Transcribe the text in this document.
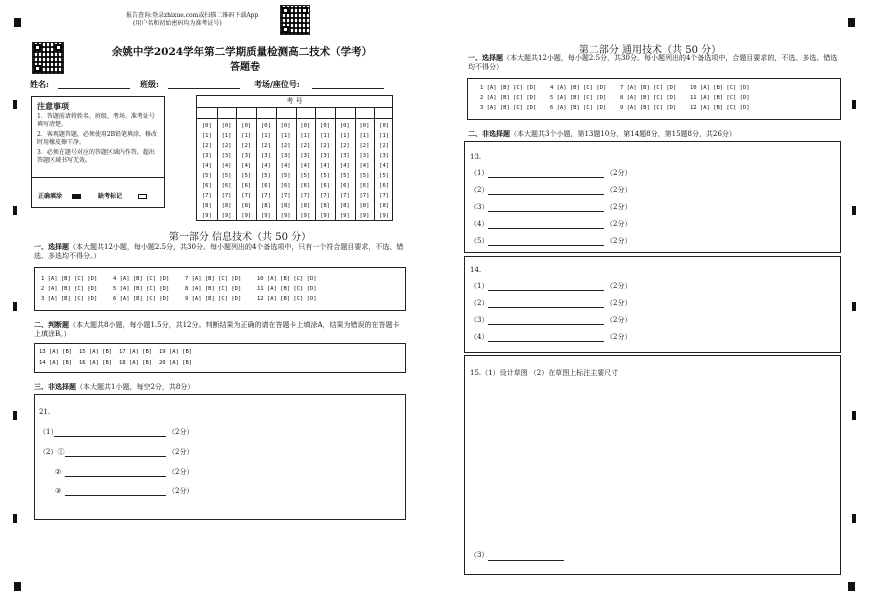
报告查询:登录zhixue.com或扫描二维码下载App
(用户名和初始密码均为准考证号)
余姚中学2024学年第二学期质量检测高二技术（学考）
答题卷
姓名:	班级:	考场/座位号:
注意事项
1．答题前请将姓名、班级、考场、准考证号填写清楚。
2．客观题答题，必须使用2B铅笔填涂，修改时用橡皮擦干净。
3．必须在题号对应的答题区域内作答，超出答题区域书写无效。
正确填涂	缺考标记
考 号
[0]	[0]	[0]	[0]	[0]	[0]	[0]	[0]	[0]	[0]
[1]	[1]	[1]	[1]	[1]	[1]	[1]	[1]	[1]	[1]
[2]	[2]	[2]	[2]	[2]	[2]	[2]	[2]	[2]	[2]
[3]	[3]	[3]	[3]	[3]	[3]	[3]	[3]	[3]	[3]
[4]	[4]	[4]	[4]	[4]	[4]	[4]	[4]	[4]	[4]
[5]	[5]	[5]	[5]	[5]	[5]	[5]	[5]	[5]	[5]
[6]	[6]	[6]	[6]	[6]	[6]	[6]	[6]	[6]	[6]
[7]	[7]	[7]	[7]	[7]	[7]	[7]	[7]	[7]	[7]
[8]	[8]	[8]	[8]	[8]	[8]	[8]	[8]	[8]	[8]
[9]	[9]	[9]	[9]	[9]	[9]	[9]	[9]	[9]	[9]
第一部分 信息技术（共 50 分）
一、选择题（本大题共12小题，每小题2.5分，共30分。每小题列出的4个备选项中，只有一个符合题目要求，不选、错选、多选均不得分。）
1 [A] [B] [C] [D]	4 [A] [B] [C] [D]	7 [A] [B] [C] [D]	10 [A] [B] [C] [D]
2 [A] [B] [C] [D]	5 [A] [B] [C] [D]	8 [A] [B] [C] [D]	11 [A] [B] [C] [D]
3 [A] [B] [C] [D]	6 [A] [B] [C] [D]	9 [A] [B] [C] [D]	12 [A] [B] [C] [D]
二、判断题（本大题共8小题，每小题1.5分，共12分。判断结果为正确的请在答题卡上填涂A，结果为错误的在答题卡上填涂B。）
13 [A] [B] 15 [A] [B] 17 [A] [B] 19 [A] [B]
14 [A] [B] 16 [A] [B] 18 [A] [B] 20 [A] [B]
三、非选择题（本大题共1小题，每空2分，共8分）
21.
（1）	（2分）
（2）①	（2分）
②	（2分）
③	（2分）
第二部分 通用技术（共 50 分）
一、选择题（本大题共12小题，每小题2.5分，共30分。每小题列出的4个备选项中，合题目要求的，不选、多选、错选均不得分）
1 [A] [B] [C] [D] 4 [A] [B] [C] [D] 7 [A] [B] [C] [D] 10 [A] [B] [C] [D]
2 [A] [B] [C] [D] 5 [A] [B] [C] [D] 8 [A] [B] [C] [D] 11 [A] [B] [C] [D]
3 [A] [B] [C] [D] 6 [A] [B] [C] [D] 9 [A] [B] [C] [D] 12 [A] [B] [C] [D]
二、非选择题（本大题共3个小题，第13题10分，第14题8分，第15题8分，共26分）
13.
（1）	（2分）
（2）	（2分）
（3）	（2分）
（4）	（2分）
（5）	（2分）
14.
（1）	（2分）
（2）	（2分）
（3）	（2分）
（4）	（2分）
15.（1）设计草图 （2）在草图上标注主要尺寸
（3）
